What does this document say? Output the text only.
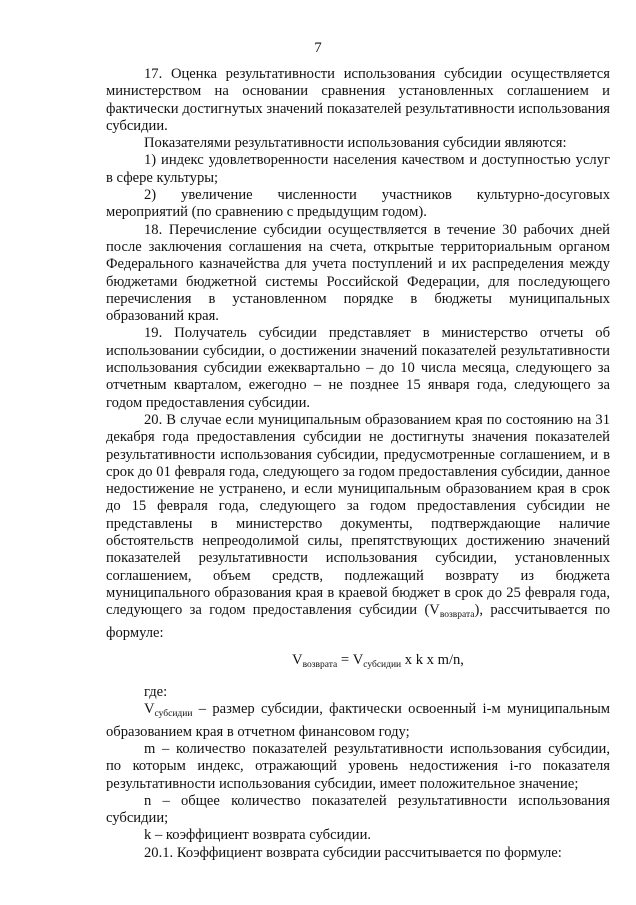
7

17. Оценка результативности использования субсидии осуществляется министерством на основании сравнения установленных соглашением и фактически достигнутых значений показателей результативности использования субсидии.

Показателями результативности использования субсидии являются:

1) индекс удовлетворенности населения качеством и доступностью услуг в сфере культуры;

2) увеличение численности участников культурно-досуговых мероприятий (по сравнению с предыдущим годом).

18. Перечисление субсидии осуществляется в течение 30 рабочих дней после заключения соглашения на счета, открытые территориальным органом Федерального казначейства для учета поступлений и их распределения между бюджетами бюджетной системы Российской Федерации, для последующего перечисления в установленном порядке в бюджеты муниципальных образований края.

19. Получатель субсидии представляет в министерство отчеты об использовании субсидии, о достижении значений показателей результативности использования субсидии ежеквартально – до 10 числа месяца, следующего за отчетным кварталом, ежегодно – не позднее 15 января года, следующего за годом предоставления субсидии.

20. В случае если муниципальным образованием края по состоянию на 31 декабря года предоставления субсидии не достигнуты значения показателей результативности использования субсидии, предусмотренные соглашением, и в срок до 01 февраля года, следующего за годом предоставления субсидии, данное недостижение не устранено, и если муниципальным образованием края в срок до 15 февраля года, следующего за годом предоставления субсидии не представлены в министерство документы, подтверждающие наличие обстоятельств непреодолимой силы, препятствующих достижению значений показателей результативности использования субсидии, установленных соглашением, объем средств, подлежащий возврату из бюджета муниципального образования края в краевой бюджет в срок до 25 февраля года, следующего за годом предоставления субсидии $(V_{возврата})$, рассчитывается по формуле:

$V_{возврата} = V_{субсидии}$ x k x m/n,

где:

$V_{субсидии}$ – размер субсидии, фактически освоенный i-м муниципальным образованием края в отчетном финансовом году;

m – количество показателей результативности использования субсидии, по которым индекс, отражающий уровень недостижения i-го показателя результативности использования субсидии, имеет положительное значение;

n – общее количество показателей результативности использования субсидии;

k – коэффициент возврата субсидии.

20.1. Коэффициент возврата субсидии рассчитывается по формуле:
